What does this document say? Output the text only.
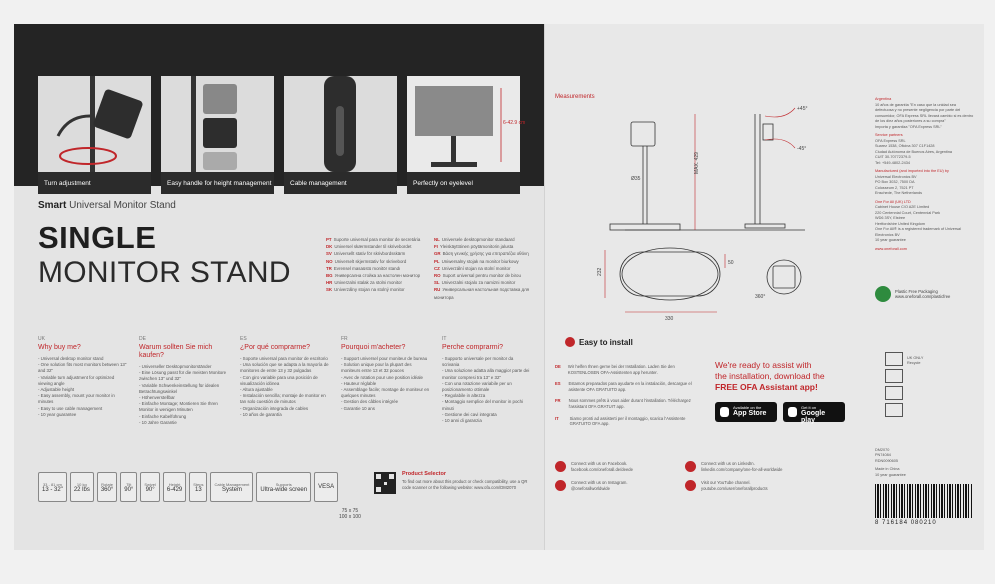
Turn adjustment	Easy handle for height management	Cable management
6-42.9 cm
Perfectly on eyelevel
Smart Universal Monitor Stand
SINGLE
MONITOR STAND
PT Suporte universal para monitor de secretária	NL Universele desktopmonitor standaard
DK Universel skærmstander til skrivebordet	FI Yleiskäyttöinen pöytämonitorin jalusta
SV Universellt stativ för skrivbordsskärm	GR Βάση γενικής χρήσης για επιτραπέζια οθόνη
NO Universelt skjermstativ for skrivebord	PL Uniwersalny stojak na monitor biurkowy
TR Evrensel masaüstü monitör standı	CZ Univerzální stojan na stolní monitor
BG Универсална стойка за настолен монитор	RO Suport universal pentru monitor de birou
HR Univerzalni stalak za stolni monitor	SL Univerzalni stojalo za namizni monitor
SK Univerzálny stojan na stolný monitor	RU Универсальная настольная подставка для монитора
UK
Why buy me?
- Universal desktop monitor stand
- One solution fits most monitors between 13" and 32"
- Variable turn adjustment for optimized viewing angle
- Adjustable height
- Easy assembly, mount your monitor in minutes
- Easy to use cable management
- 10 year guarantee
DE
Warum sollten Sie mich kaufen?
- Universeller Desktopmonitorständer
- Eine Lösung passt für die meisten Monitore zwischen 13" und 32"
- Variable Schwenkeinstellung für idealen Betrachtungswinkel
- Höhenverstellbar
- Einfache Montage; Montieren Sie Ihren Monitor in wenigen Minuten
- Einfache Kabelführung
- 10 Jahre Garantie
ES
¿Por qué comprarme?
- Soporte universal para monitor de escritorio
- Una solución que se adapta a la mayoría de monitores de entre 13 y 32 pulgadas
- Con giro variable para una posición de visualización idónea
- Altura ajustable
- Instalación sencilla; montaje de monitor en tan solo cuestión de minutos
- Organización integrada de cables
- 10 años de garantía
FR
Pourquoi m'acheter?
- Support universel pour moniteur de bureau
- Solution unique pour la plupart des moniteurs entre 13 et 32 pouces
- Avec de rotation pour une position idéale
- Hauteur réglable
- Assemblage facile; montage de moniteur en quelques minutes
- Gestion des câbles intégrée
- Garantie 10 ans
IT
Perche comprarmi?
- Supporto universale per monitor da scrivania
- Una soluzione adatta alla maggior parte dei monitor compresi tra 13" e 32"
- Con una rotazione variabile per un posizionamento ottimale
- Regolabile in altezza
- Montaggio semplice del monitor in pochi minuti
- Gestione dei cavi integrata
- 10 anni di garanzia
33 - 81 cm
13 - 32"
10 kg
22 lbs
Rotate
360°
Tilt
90°
Swivel
90°
Height
6-429
Steps
13
Cable Management
System
Supports
Ultra-wide screen VESA
75 x 75
100 x 100
Product Selector
To find out more about this product or check compatibility, use a QR code scanner or the following website: www.ofa.com/DM2070
Measurements
MAX. 429
Ø35
330
232
50
+45°
-45°
360°
Argentina
10 años de garantía "En caso que la unidad sea defectuosa y no presente negligencia por parte del consumidor, OFA Express SRL llevará cambio si es dentro de los diez años posteriores a su compra"
Importa y garantiza "OFA Express SRL"
Service partners
OFA Express SRL
Suarez 1538, Oficina 307 C1F1428
Ciudad Autónoma de Buenos Aires, Argentina
CUIT 30-70772379-5
Tel: +549-4802-2434
Manufactured (and imported into the EU) by
Universal Electronics BV
PO Box 3032, 7500 DA
Colosseum 2, 7521 PT
Enschede, The Netherlands
One For All (UK) LTD
Cabinet House C/O A2E Limited
220 Centennial Court, Centennial Park
WD6 3SY, Elstree
Hertfordshire United Kingdom
One For All® is a registered trademark of Universal Electronics BV
10 year guarantee
www.oneforall.com
Plastic Free Packaging
www.oneforall.com/plasticfree
UK ONLY
Recycle
DM2070
PN74084
RDN0090605
Made in China
10 year guarantee
8 716184 080210
Easy to install
DE Wir helfen Ihnen gerne bei der Installation. Laden Sie den KOSTENLOSEN OFA-Assistenten app herunter.
ES	Estamos preparados para ayudarte en la instalación, descargue el asistente OFA GRATUITO app.
FR	Nous sommes prêts à vous aider durant l'installation. Téléchargez l'assistant OFA GRATUIT app.
IT	Siamo pronti ad assisterti per il montaggio, scarica l'Assistente GRATUITO OFA app.
We're ready to assist with
the installation, download the
FREE OFA Assistant app!
Available on the
App Store
Get it on
Google play
Connect with us on Facebook.
facebook.com/oneforall.de/deede
Connect with us on Instagram.
@oneforallworldwide
Connect with us on LinkedIn.
linkedin.com/company/one-for-all-worldwide
Visit our YouTube channel.
youtube.com/user/oneforallproducts
